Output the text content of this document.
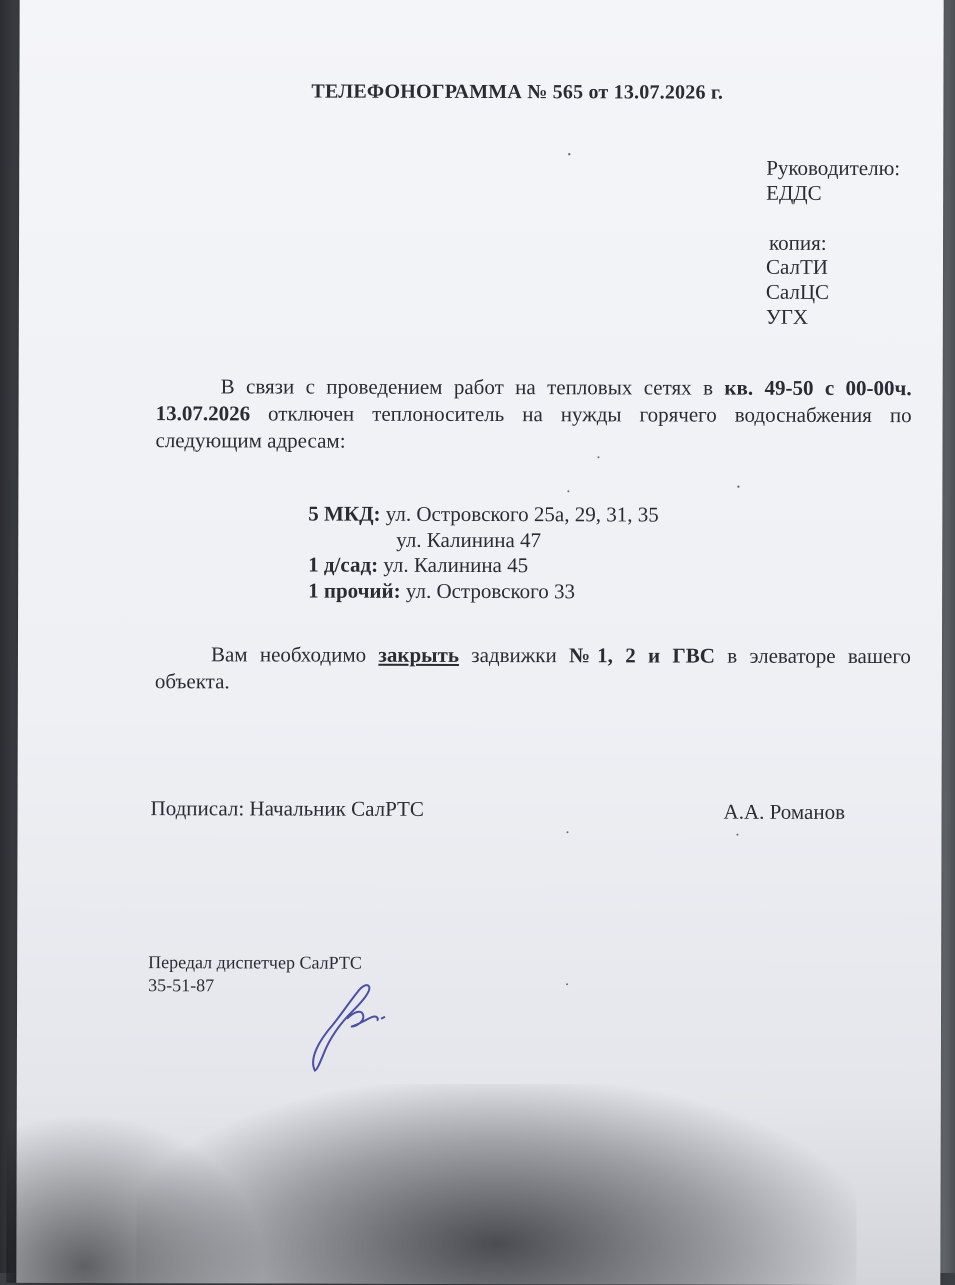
ТЕЛЕФОНОГРАММА № 565 от 13.07.2026 г.
Руководителю:
ЕДДС
копия:
СалТИ
СалЦС
УГХ
В связи с проведением работ на тепловых сетях в кв. 49-50 с 00-00ч. 13.07.2026 отключен теплоноситель на нужды горячего водоснабжения по следующим адресам:
5 МКД: ул. Островского 25а, 29, 31, 35
ул. Калинина 47
1 д/сад: ул. Калинина 45
1 прочий: ул. Островского 33
Вам необходимо закрыть задвижки №1, 2 и ГВС в элеваторе вашего объекта.
Подписал: Начальник СалРТС	А.А. Романов
Передал диспетчер СалРТС
35-51-87
